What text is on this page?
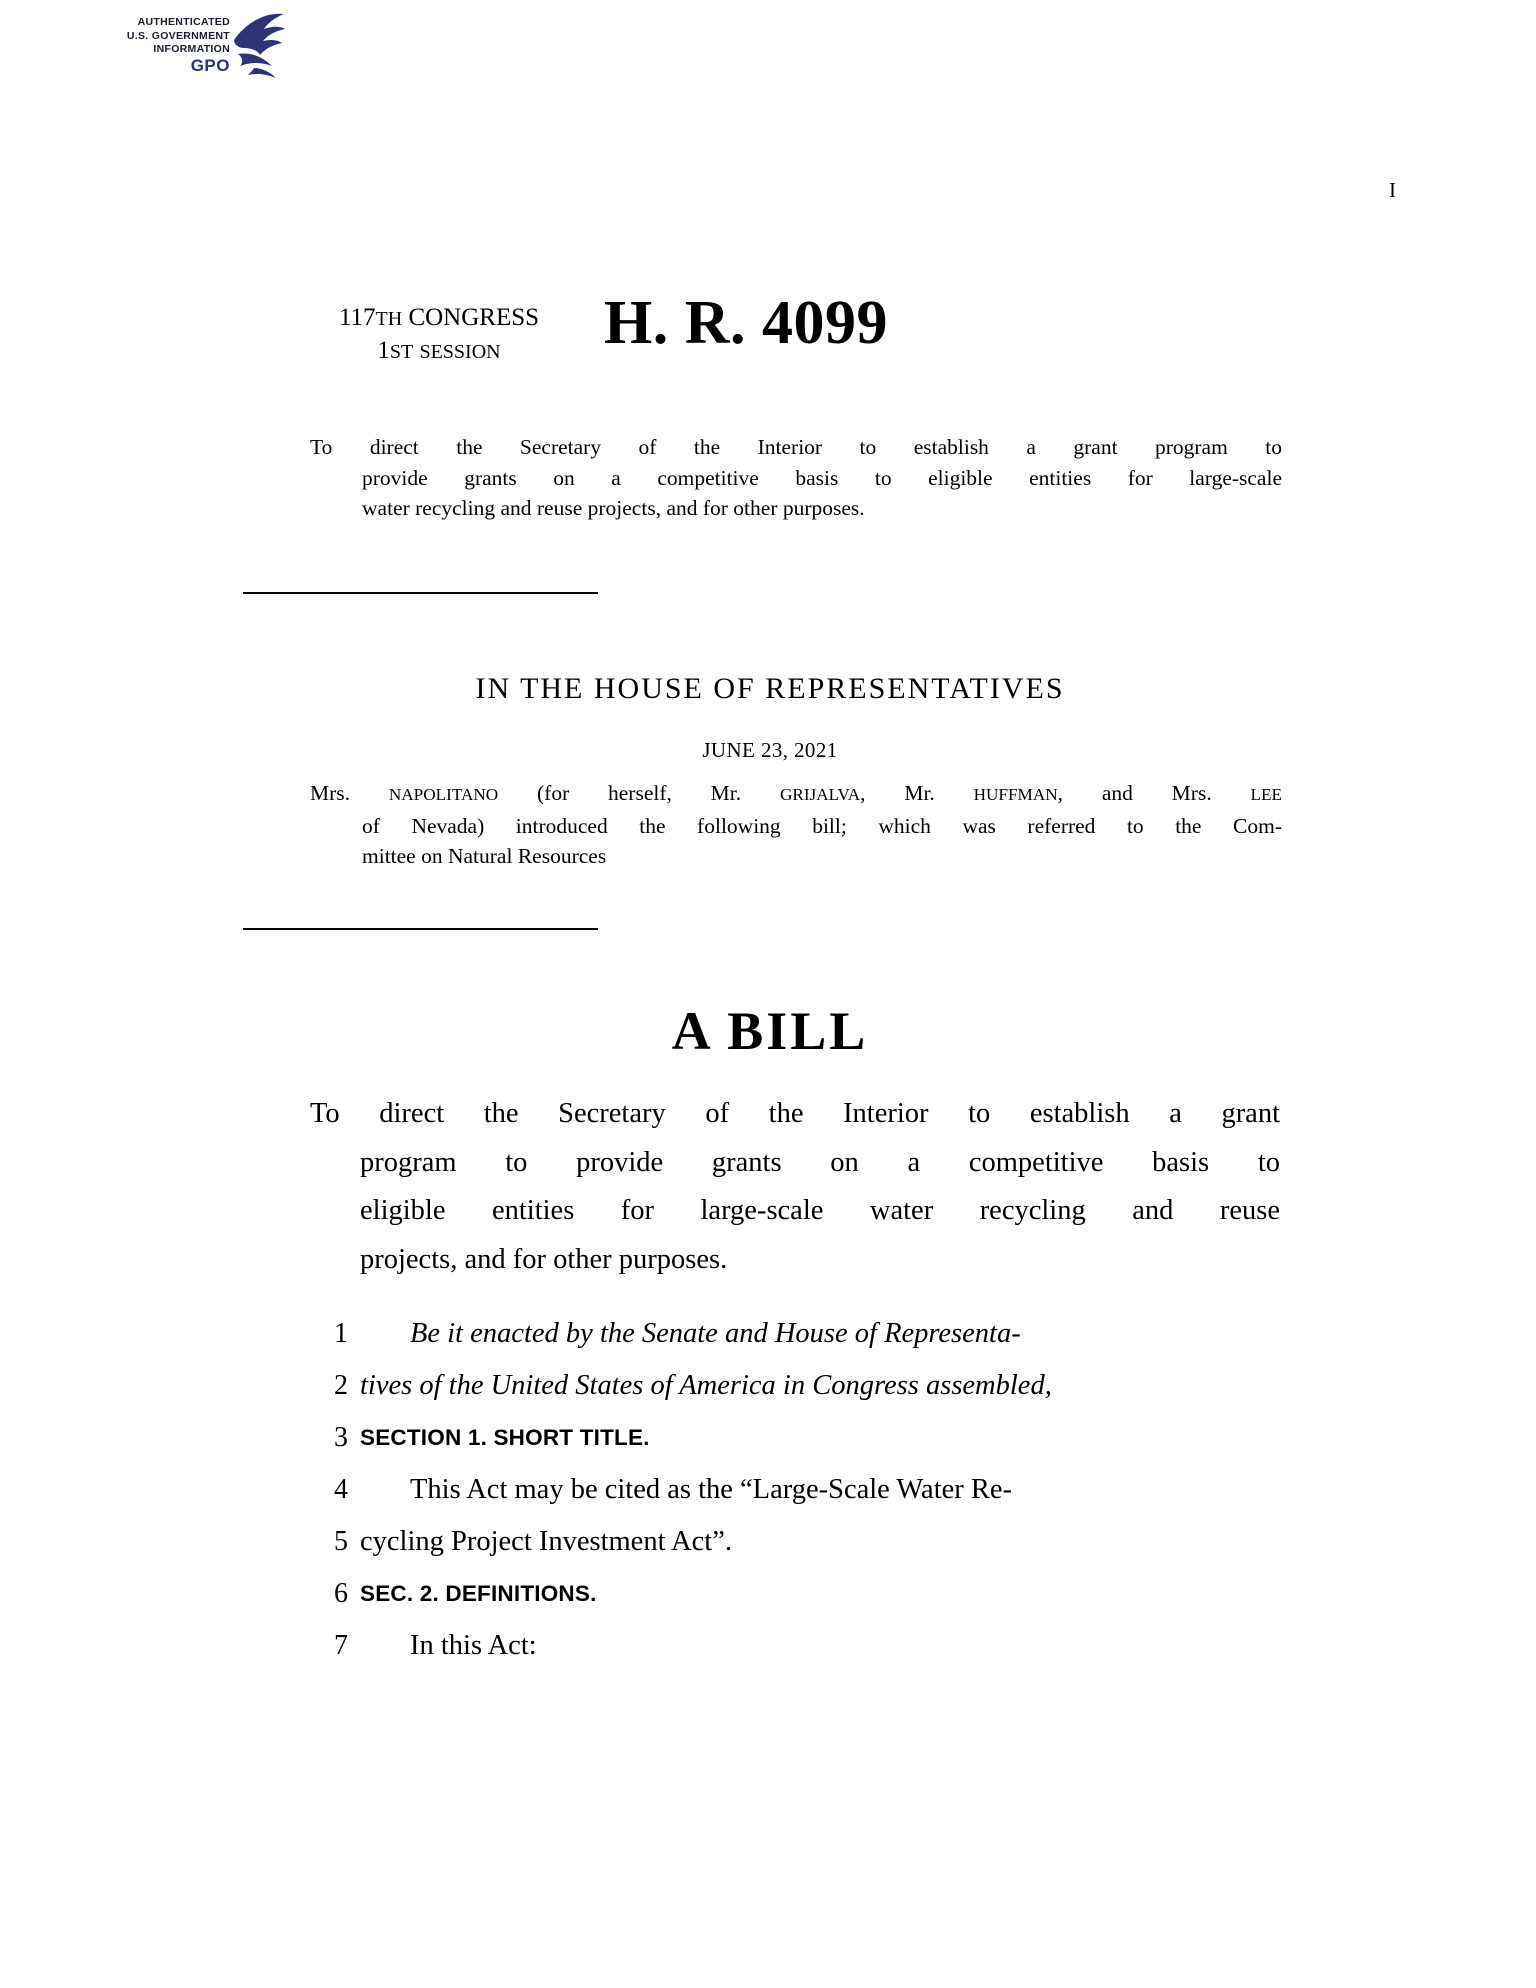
AUTHENTICATED
U.S. GOVERNMENT
INFORMATION
GPO
I
117TH CONGRESS
1ST SESSION	H. R. 4099
To direct the Secretary of the Interior to establish a grant program to
provide grants on a competitive basis to eligible entities for large-scale
water recycling and reuse projects, and for other purposes.
IN THE HOUSE OF REPRESENTATIVES
JUNE 23, 2021
Mrs. NAPOLITANO (for herself, Mr. GRIJALVA, Mr. HUFFMAN, and Mrs. LEE
of Nevada) introduced the following bill; which was referred to the Com-
mittee on Natural Resources
A BILL
To direct the Secretary of the Interior to establish a grant
program to provide grants on a competitive basis to
eligible entities for large-scale water recycling and reuse
projects, and for other purposes.
1 Be it enacted by the Senate and House of Representa-
2 tives of the United States of America in Congress assembled,
3 SECTION 1. SHORT TITLE.
4 This Act may be cited as the “Large-Scale Water Re-
5 cycling Project Investment Act”.
6 SEC. 2. DEFINITIONS.
7 In this Act:
